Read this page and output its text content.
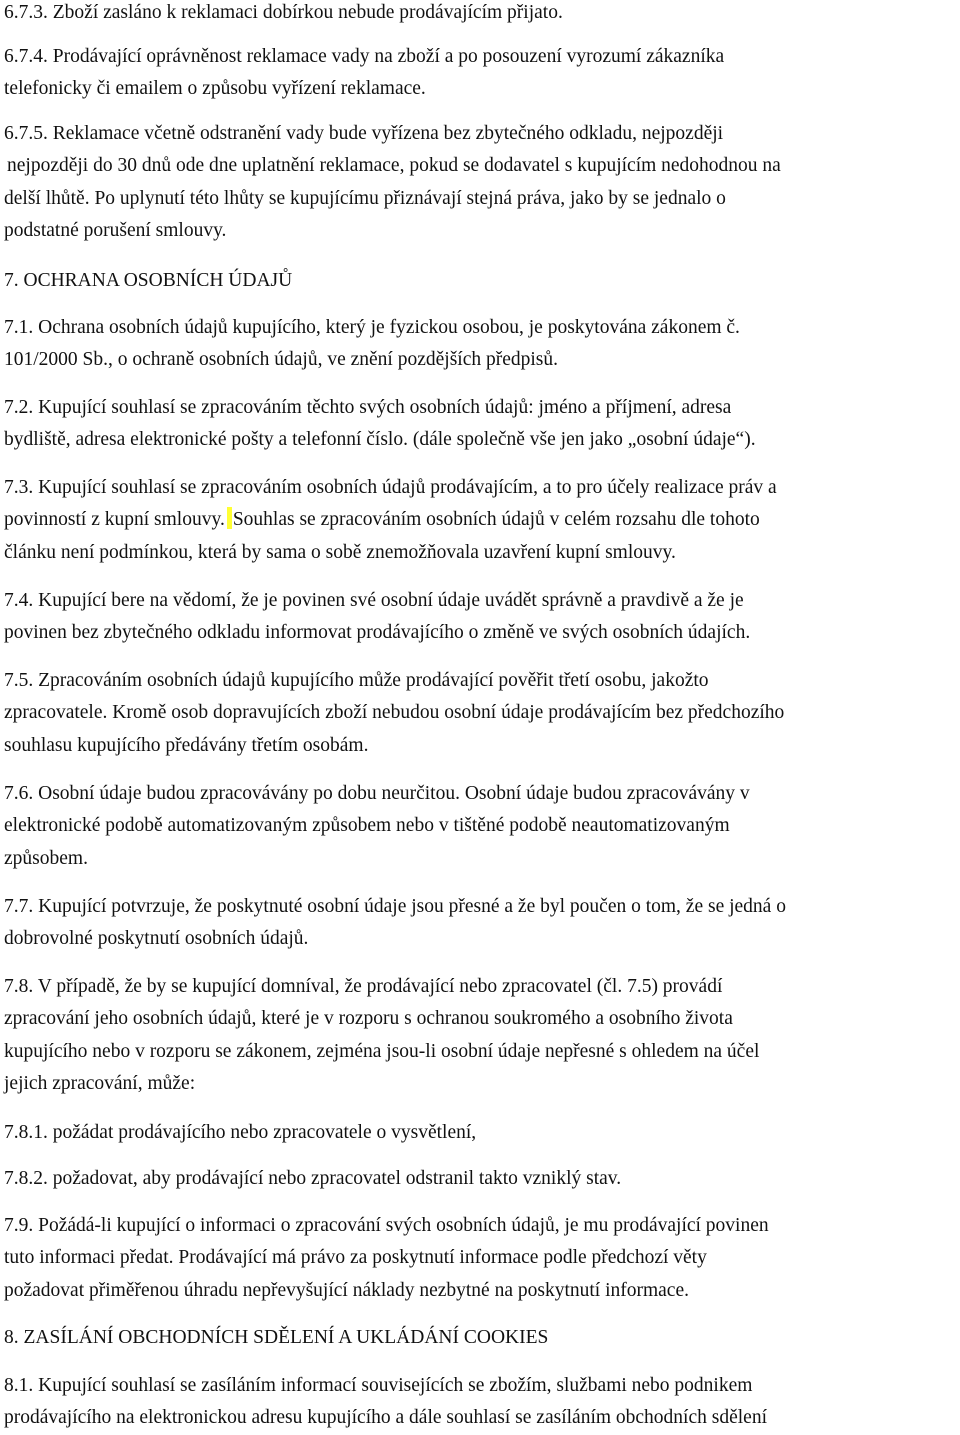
6.7.3. Zboží zasláno k reklamaci dobírkou nebude prodávajícím přijato.
6.7.4. Prodávající oprávněnost reklamace vady na zboží a po posouzení vyrozumí zákazníka
telefonicky či emailem o způsobu vyřízení reklamace.
6.7.5. Reklamace včetně odstranění vady bude vyřízena bez zbytečného odkladu, nejpozději
nejpozději do 30 dnů ode dne uplatnění reklamace, pokud se dodavatel s kupujícím nedohodnou na
delší lhůtě. Po uplynutí této lhůty se kupujícímu přiznávají stejná práva, jako by se jednalo o
podstatné porušení smlouvy.
7. OCHRANA OSOBNÍCH ÚDAJŮ
7.1. Ochrana osobních údajů kupujícího, který je fyzickou osobou, je poskytována zákonem č.
101/2000 Sb., o ochraně osobních údajů, ve znění pozdějších předpisů.
7.2. Kupující souhlasí se zpracováním těchto svých osobních údajů: jméno a příjmení, adresa
bydliště, adresa elektronické pošty a telefonní číslo. (dále společně vše jen jako „osobní údaje“).
7.3. Kupující souhlasí se zpracováním osobních údajů prodávajícím, a to pro účely realizace práv a
povinností z kupní smlouvy. Souhlas se zpracováním osobních údajů v celém rozsahu dle tohoto
článku není podmínkou, která by sama o sobě znemožňovala uzavření kupní smlouvy.
7.4. Kupující bere na vědomí, že je povinen své osobní údaje uvádět správně a pravdivě a že je
povinen bez zbytečného odkladu informovat prodávajícího o změně ve svých osobních údajích.
7.5. Zpracováním osobních údajů kupujícího může prodávající pověřit třetí osobu, jakožto
zpracovatele. Kromě osob dopravujících zboží nebudou osobní údaje prodávajícím bez předchozího
souhlasu kupujícího předávány třetím osobám.
7.6. Osobní údaje budou zpracovávány po dobu neurčitou. Osobní údaje budou zpracovávány v
elektronické podobě automatizovaným způsobem nebo v tištěné podobě neautomatizovaným
způsobem.
7.7. Kupující potvrzuje, že poskytnuté osobní údaje jsou přesné a že byl poučen o tom, že se jedná o
dobrovolné poskytnutí osobních údajů.
7.8. V případě, že by se kupující domníval, že prodávající nebo zpracovatel (čl. 7.5) provádí
zpracování jeho osobních údajů, které je v rozporu s ochranou soukromého a osobního života
kupujícího nebo v rozporu se zákonem, zejména jsou-li osobní údaje nepřesné s ohledem na účel
jejich zpracování, může:
7.8.1. požádat prodávajícího nebo zpracovatele o vysvětlení,
7.8.2. požadovat, aby prodávající nebo zpracovatel odstranil takto vzniklý stav.
7.9. Požádá-li kupující o informaci o zpracování svých osobních údajů, je mu prodávající povinen
tuto informaci předat. Prodávající má právo za poskytnutí informace podle předchozí věty
požadovat přiměřenou úhradu nepřevyšující náklady nezbytné na poskytnutí informace.
8. ZASÍLÁNÍ OBCHODNÍCH SDĚLENÍ A UKLÁDÁNÍ COOKIES
8.1. Kupující souhlasí se zasíláním informací souvisejících se zbožím, službami nebo podnikem
prodávajícího na elektronickou adresu kupujícího a dále souhlasí se zasíláním obchodních sdělení
